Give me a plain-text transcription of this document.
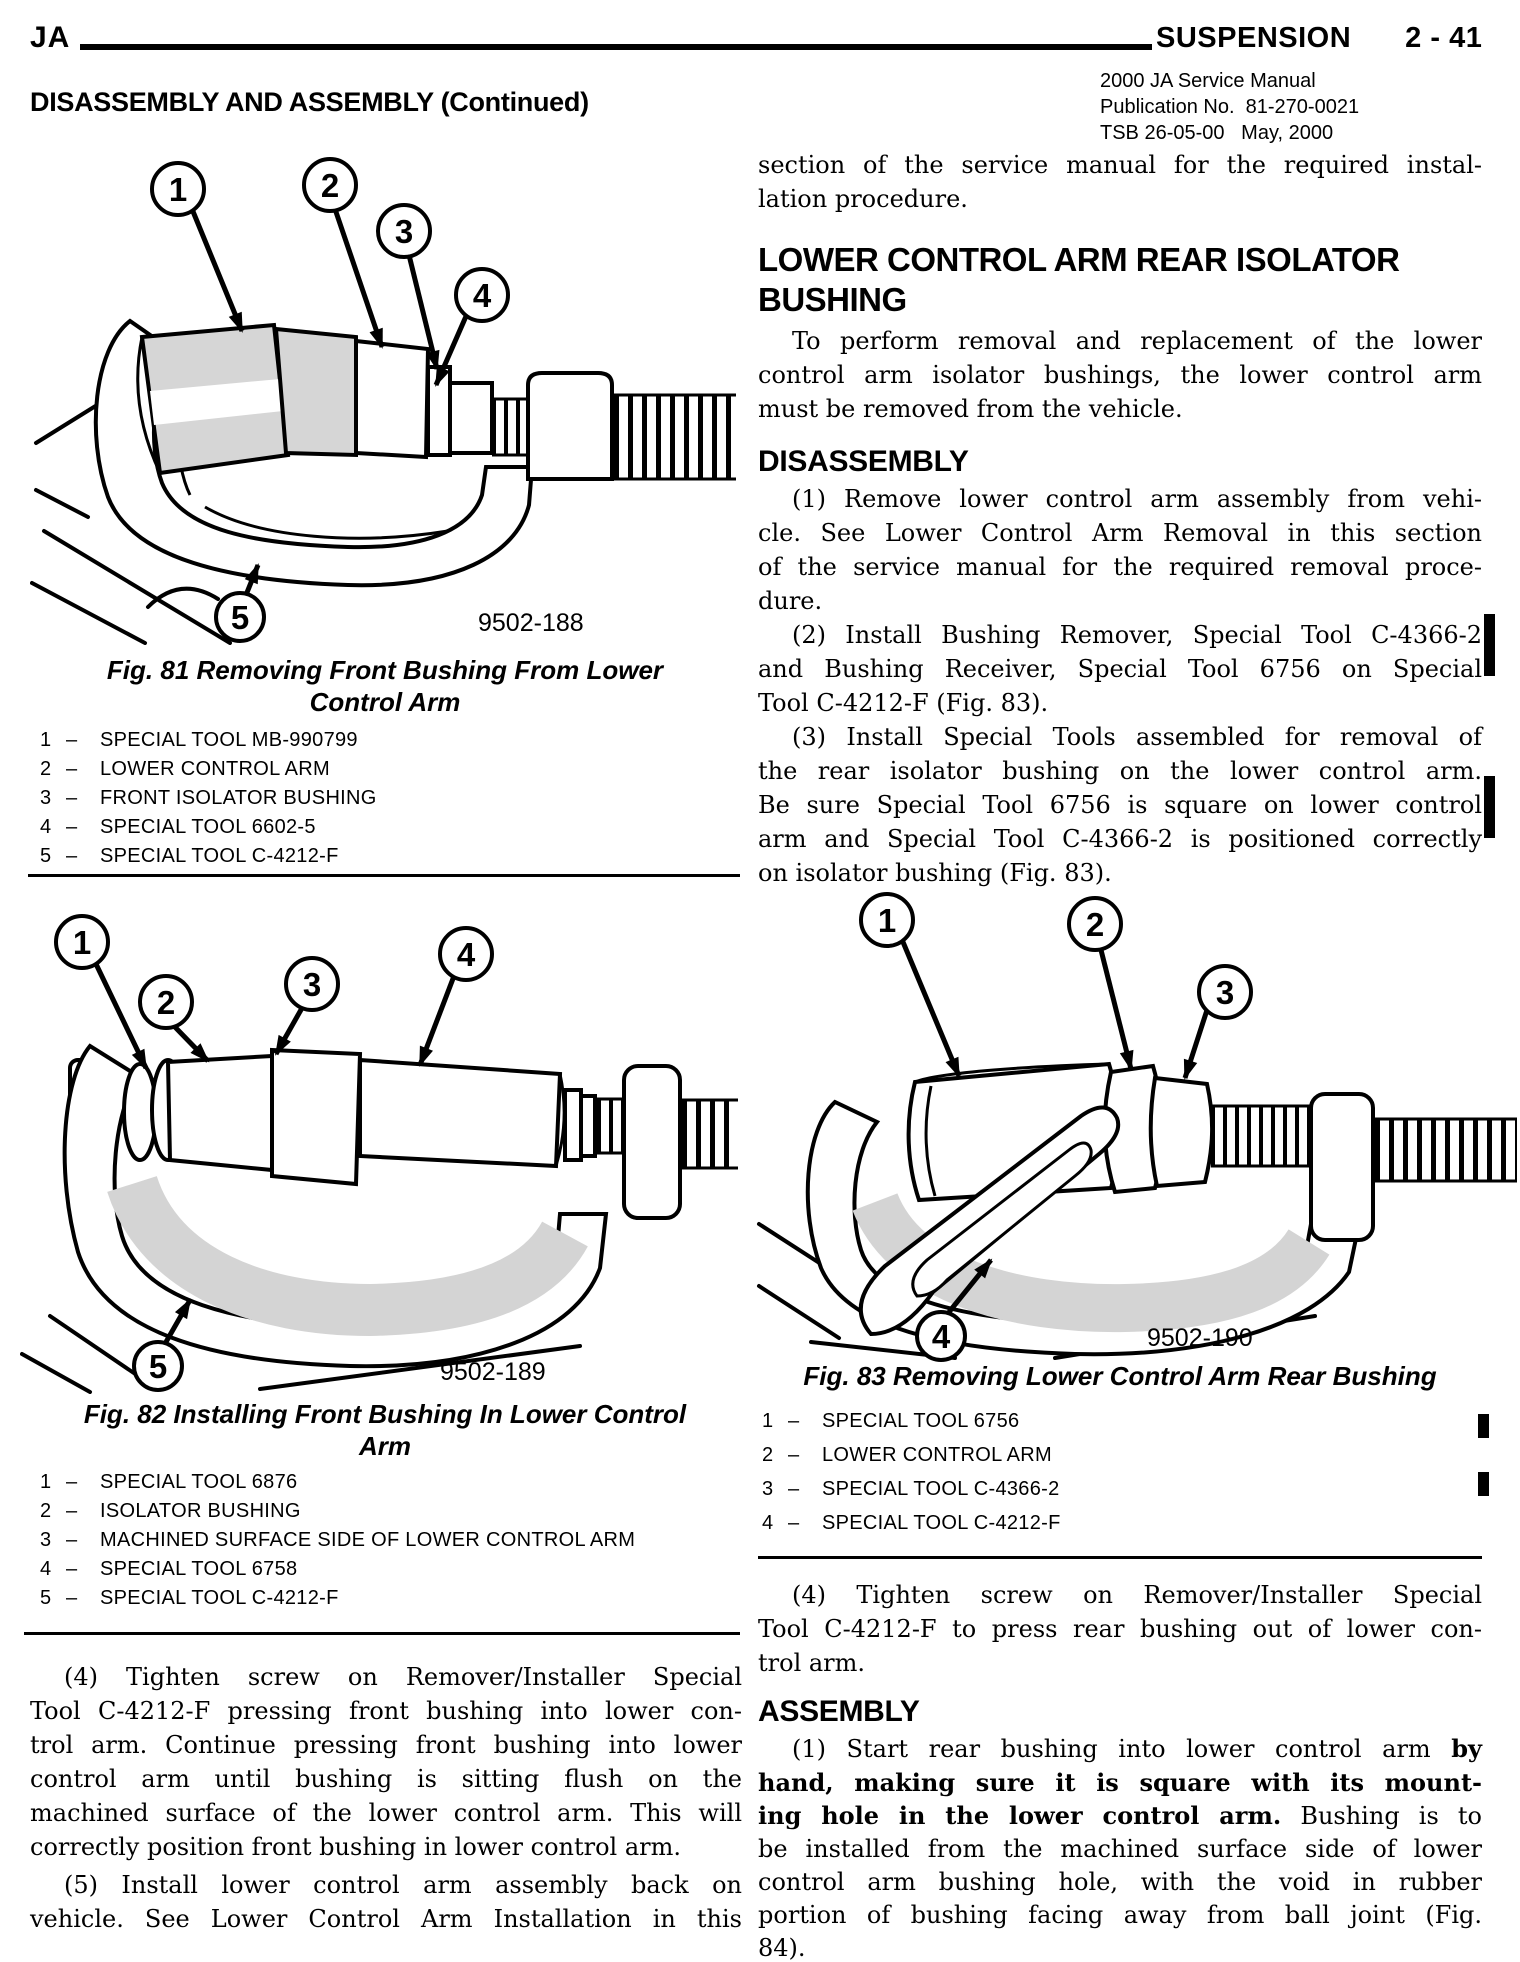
JA	SUSPENSION 2 - 41
2000 JA Service Manual
Publication No.  81-270-0021
TSB 26-05-00   May, 2000
DISASSEMBLY AND ASSEMBLY (Continued)
1	2
3
4
5	9502-188
Fig. 81 Removing Front Bushing From Lower
Control Arm
1 –	SPECIAL TOOL MB-990799
2 –	LOWER CONTROL ARM
3 –	FRONT ISOLATOR BUSHING
4 –	SPECIAL TOOL 6602-5
5 –	SPECIAL TOOL C-4212-F
1
2	3
4
5	9502-189
Fig. 82 Installing Front Bushing In Lower Control
Arm
1 –	SPECIAL TOOL 6876
2 –	ISOLATOR BUSHING
3 –	MACHINED SURFACE SIDE OF LOWER CONTROL ARM
4 –	SPECIAL TOOL 6758
5 –	SPECIAL TOOL C-4212-F
(4) Tighten screw on Remover/Installer Special
Tool C-4212-F pressing front bushing into lower con-
trol arm. Continue pressing front bushing into lower
control arm until bushing is sitting flush on the
machined surface of the lower control arm. This will
correctly position front bushing in lower control arm.
(5) Install lower control arm assembly back on
vehicle. See Lower Control Arm Installation in this
section of the service manual for the required instal-
lation procedure.
LOWER CONTROL ARM REAR ISOLATOR
BUSHING
To perform removal and replacement of the lower
control arm isolator bushings, the lower control arm
must be removed from the vehicle.
DISASSEMBLY
(1) Remove lower control arm assembly from vehi-
cle. See Lower Control Arm Removal in this section
of the service manual for the required removal proce-
dure.
(2) Install Bushing Remover, Special Tool C-4366-2
and Bushing Receiver, Special Tool 6756 on Special
Tool C-4212-F (Fig. 83).
(3) Install Special Tools assembled for removal of
the rear isolator bushing on the lower control arm.
Be sure Special Tool 6756 is square on lower control
arm and Special Tool C-4366-2 is positioned correctly
on isolator bushing (Fig. 83).
1	2
3
4	9502-190
Fig. 83 Removing Lower Control Arm Rear Bushing
1 –	SPECIAL TOOL 6756
2 –	LOWER CONTROL ARM
3 –	SPECIAL TOOL C-4366-2
4 –	SPECIAL TOOL C-4212-F
(4) Tighten screw on Remover/Installer Special
Tool C-4212-F to press rear bushing out of lower con-
trol arm.
ASSEMBLY
(1) Start rear bushing into lower control arm by
hand, making sure it is square with its mount-
ing hole in the lower control arm. Bushing is to
be installed from the machined surface side of lower
control arm bushing hole, with the void in rubber
portion of bushing facing away from ball joint (Fig.
84).
